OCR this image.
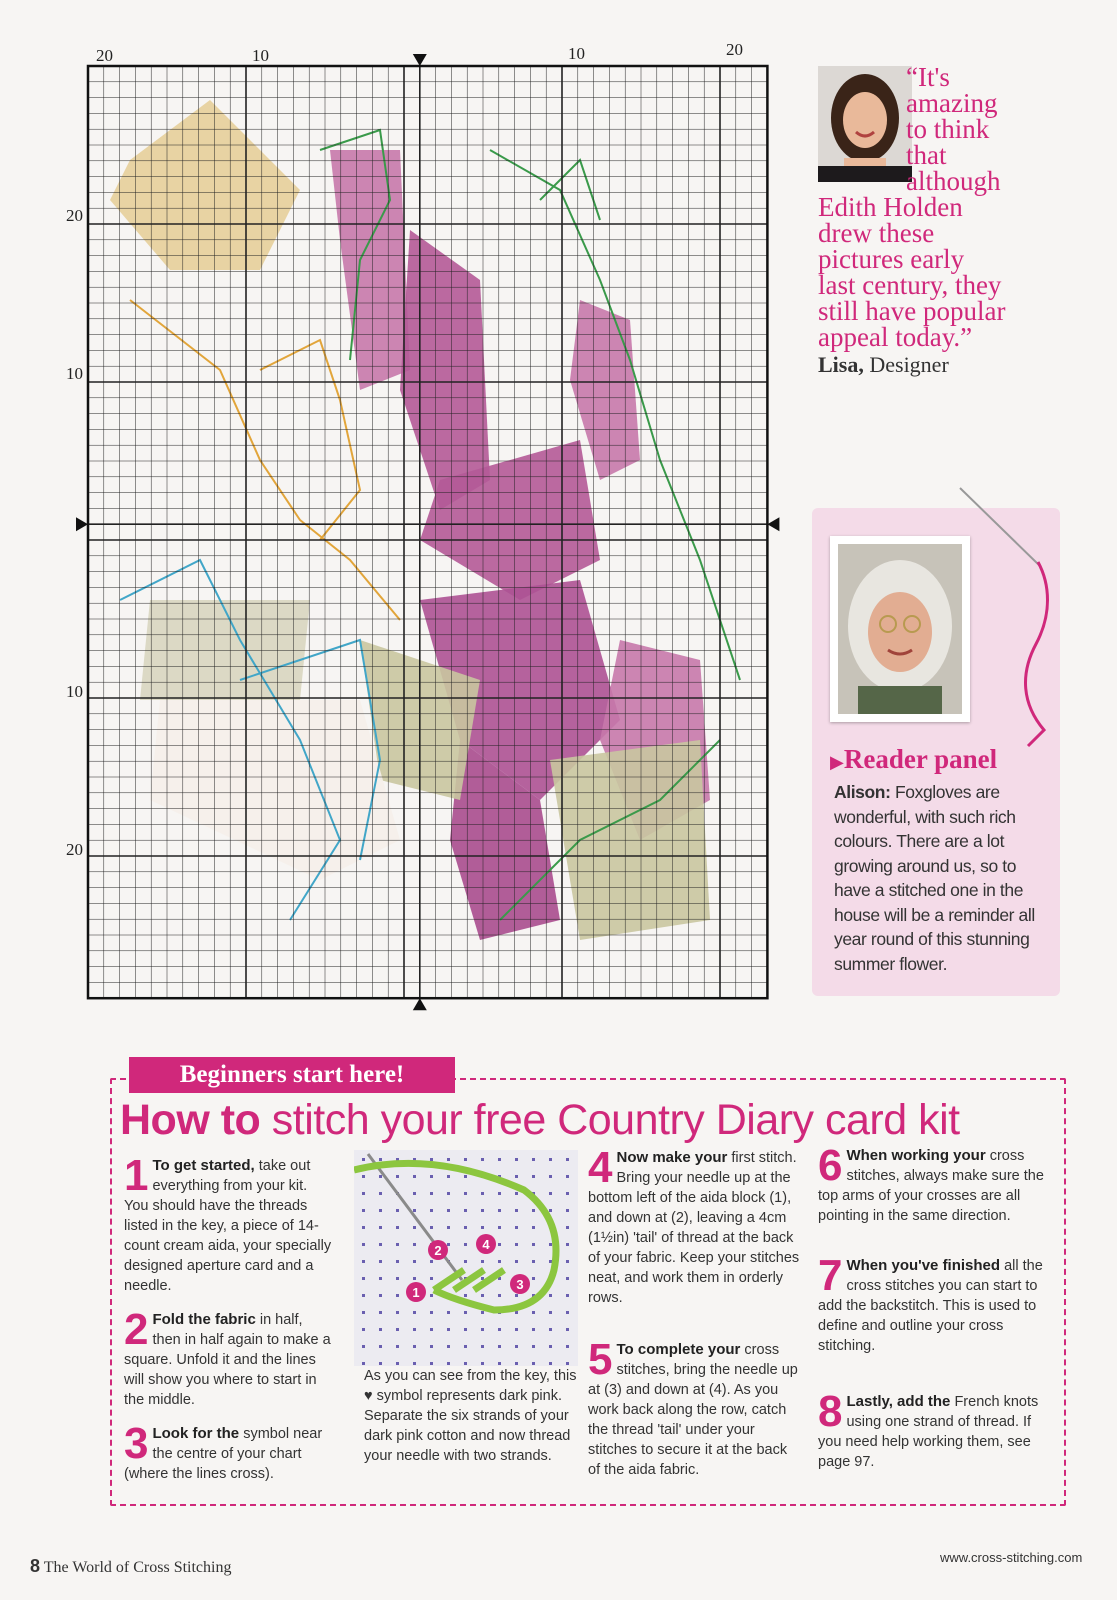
20	10	10	20
20
10
10
20
“It's
amazing
to think
that
although
Edith Holden
drew these
pictures early
last century, they
still have popular
appeal today.”
Lisa, Designer
▶Reader panel
Alison: Foxgloves are wonderful, with such rich colours. There are a lot growing around us, so to have a stitched one in the house will be a reminder all year round of this stunning summer flower.
Beginners start here!
How to stitch your free Country Diary card kit
1 To get started, take out everything from your kit. You should have the threads listed in the key, a piece of 14-count cream aida, your specially designed aperture card and a needle.
2 Fold the fabric in half, then in half again to make a square. Unfold it and the lines will show you where to start in the middle.
3 Look for the symbol near the centre of your chart (where the lines cross).
1
2
3
4
As you can see from the key, this ♥ symbol represents dark pink. Separate the six strands of your dark pink cotton and now thread your needle with two strands.
4 Now make your first stitch. Bring your needle up at the bottom left of the aida block (1), and down at (2), leaving a 4cm (1½in) 'tail' of thread at the back of your fabric. Keep your stitches neat, and work them in orderly rows.
5 To complete your cross stitches, bring the needle up at (3) and down at (4). As you work back along the row, catch the thread 'tail' under your stitches to secure it at the back of the aida fabric.
6 When working your cross stitches, always make sure the top arms of your crosses are all pointing in the same direction.
7 When you've finished all the cross stitches you can start to add the backstitch. This is used to define and outline your cross stitching.
8 Lastly, add the French knots using one strand of thread. If you need help working them, see page 97.
8 The World of Cross Stitching
www.cross-stitching.com
